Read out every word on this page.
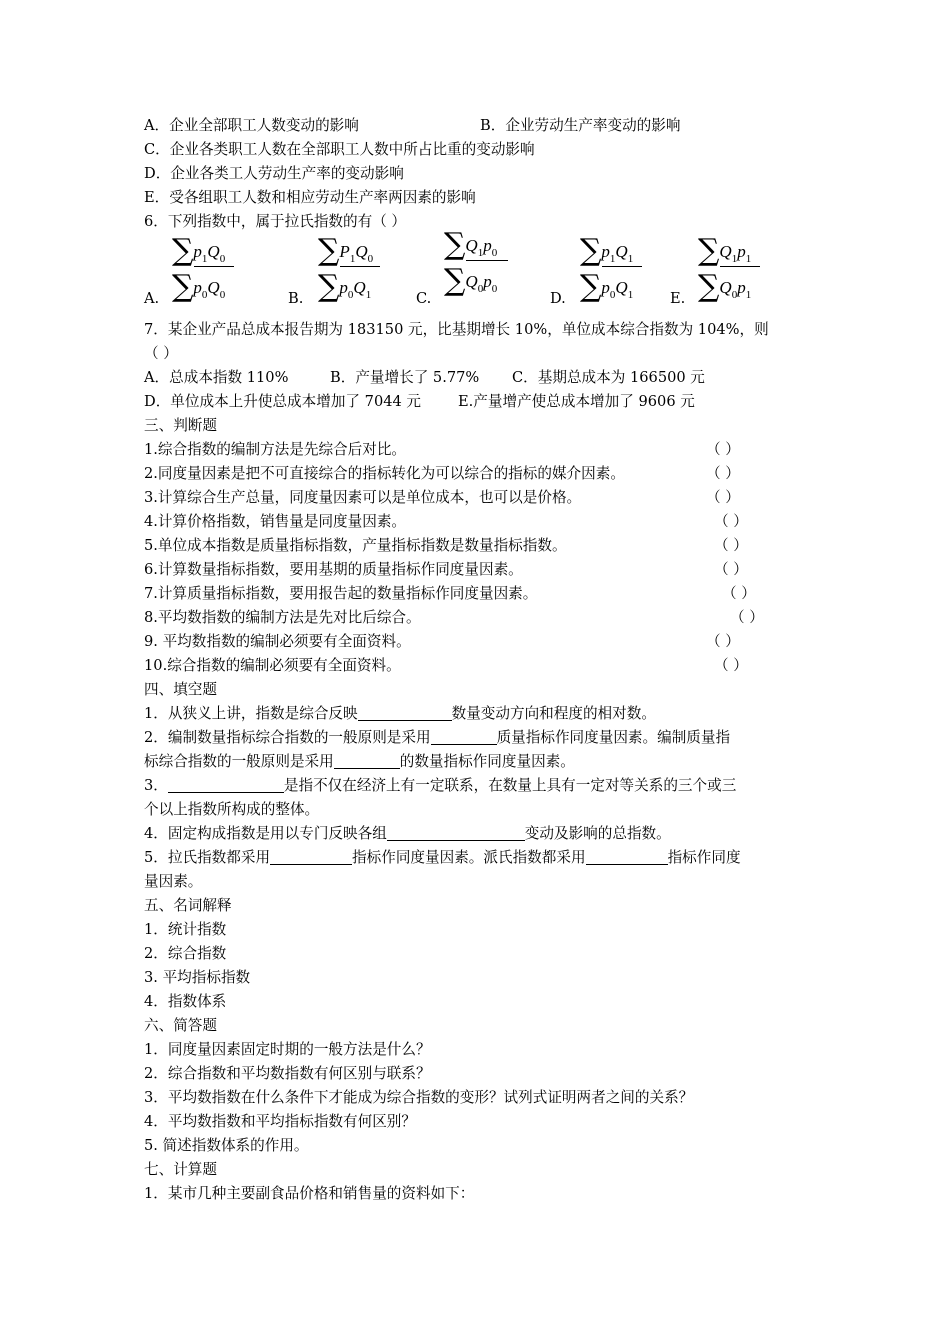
A．企业全部职工人数变动的影响	B．企业劳动生产率变动的影响
C．企业各类职工人数在全部职工人数中所占比重的变动影响
D．企业各类工人劳动生产率的变动影响
E．受各组职工人数和相应劳动生产率两因素的影响
6．下列指数中，属于拉氏指数的有（ ）
A.
$\sum p_1Q_0$
$\sum p_0Q_0$	B.
$\sum P_1Q_0$
$\sum p_0Q_1$	C.
$\sum Q_1p_0$
$\sum Q_0p_0$
D.
$\sum p_1Q_1$
$\sum p_0Q_1$	E.
$\sum Q_1p_1$
$\sum Q_0p_1$
7．某企业产品总成本报告期为 183150 元，比基期增长 10%，单位成本综合指数为 104%，则
（ ）
A．总成本指数 110%	B．产量增长了 5.77% C．基期总成本为 166500 元
D．单位成本上升使总成本增加了 7044 元	E.产量增产使总成本增加了 9606 元
三、判断题
1.综合指数的编制方法是先综合后对比。	（ ）
2.同度量因素是把不可直接综合的指标转化为可以综合的指标的媒介因素。	（ ）
3.计算综合生产总量，同度量因素可以是单位成本，也可以是价格。	（ ）
4.计算价格指数，销售量是同度量因素。	（ ）
5.单位成本指数是质量指标指数，产量指标指数是数量指标指数。	（ ）
6.计算数量指标指数，要用基期的质量指标作同度量因素。	（ ）
7.计算质量指标指数，要用报告起的数量指标作同度量因素。	（ ）
8.平均数指数的编制方法是先对比后综合。	（ ）
9. 平均数指数的编制必须要有全面资料。	（ ）
10.综合指数的编制必须要有全面资料。	（ ）
四、填空题
1．从狭义上讲，指数是综合反映	数量变动方向和程度的相对数。
2．编制数量指标综合指数的一般原则是采用	质量指标作同度量因素。编制质量指
标综合指数的一般原则是采用	的数量指标作同度量因素。
3．	是指不仅在经济上有一定联系，在数量上具有一定对等关系的三个或三
个以上指数所构成的整体。
4．固定构成指数是用以专门反映各组	变动及影响的总指数。
5．拉氏指数都采用	指标作同度量因素。派氏指数都采用	指标作同度
量因素。
五、名词解释
1．统计指数
2．综合指数
3. 平均指标指数
4．指数体系
六、简答题
1．同度量因素固定时期的一般方法是什么？
2．综合指数和平均数指数有何区别与联系？
3．平均数指数在什么条件下才能成为综合指数的变形？试列式证明两者之间的关系？
4．平均数指数和平均指标指数有何区别？
5. 简述指数体系的作用。
七、计算题
1．某市几种主要副食品价格和销售量的资料如下：
